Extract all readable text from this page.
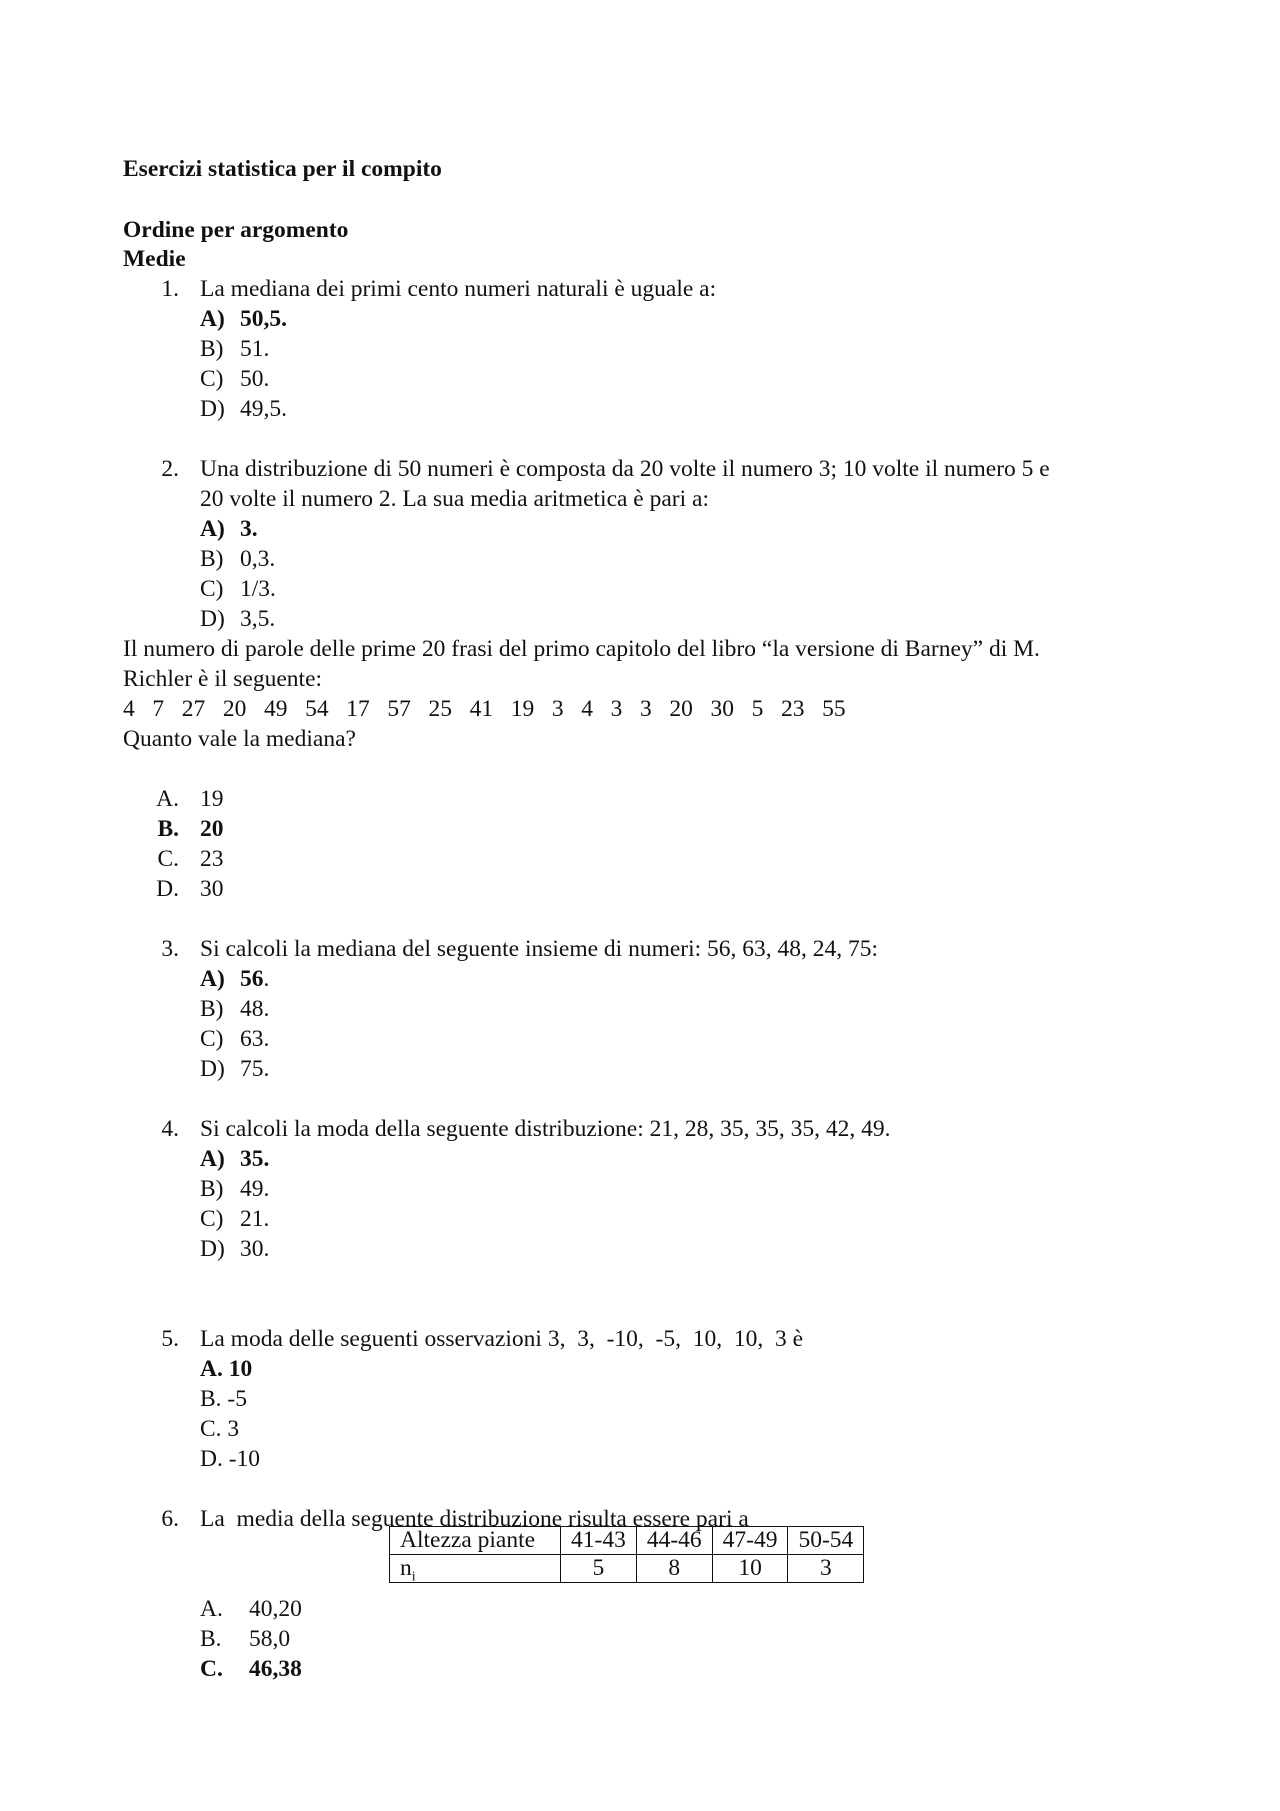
Esercizi statistica per il compito
Ordine per argomento
Medie
1. La mediana dei primi cento numeri naturali è uguale a:
A) 50,5.
B) 51.
C) 50.
D) 49,5.
2. Una distribuzione di 50 numeri è composta da 20 volte il numero 3; 10 volte il numero 5 e
20 volte il numero 2. La sua media aritmetica è pari a:
A) 3.
B) 0,3.
C) 1/3.
D) 3,5.
Il numero di parole delle prime 20 frasi del primo capitolo del libro “la versione di Barney” di M.
Richler è il seguente:
4   7   27   20   49   54   17   57   25   41   19   3   4   3   3   20   30   5   23   55
Quanto vale la mediana?
A. 19
B. 20
C. 23
D. 30
3. Si calcoli la mediana del seguente insieme di numeri: 56, 63, 48, 24, 75:
A) 56.
B) 48.
C) 63.
D) 75.
4. Si calcoli la moda della seguente distribuzione: 21, 28, 35, 35, 35, 42, 49.
A) 35.
B) 49.
C) 21.
D) 30.
5. La moda delle seguenti osservazioni 3,  3,  -10,  -5,  10,  10,  3 è
A. 10
B. -5
C. 3
D. -10
6. La  media della seguente distribuzione risulta essere pari a
Altezza piante	41-43	44-46	47-49	50-54
$n_i$	5	8	10	3
A. 40,20
B. 58,0
C. 46,38
